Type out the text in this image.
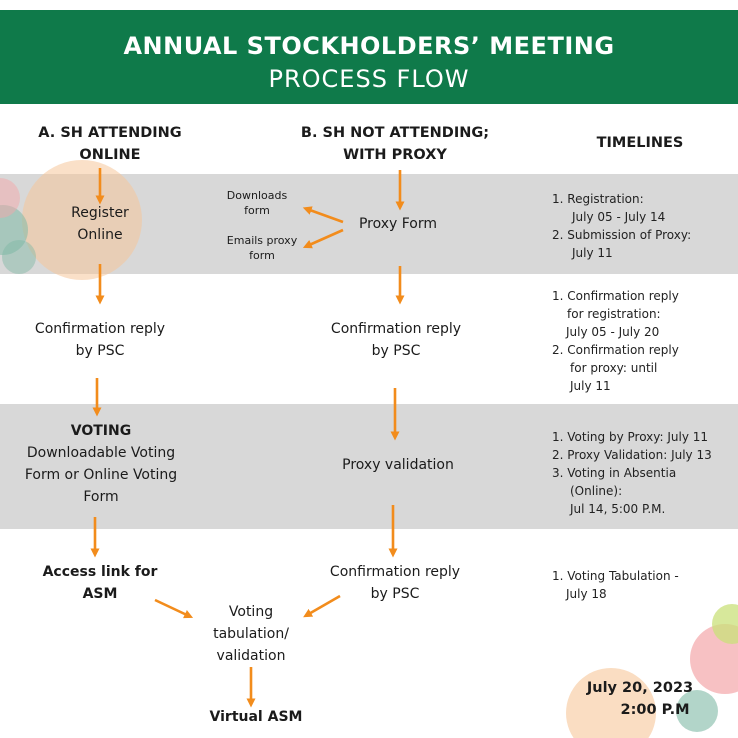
ANNUAL STOCKHOLDERS’ MEETING
PROCESS FLOW
A. SH ATTENDING
ONLINE
B. SH NOT ATTENDING;
WITH PROXY
TIMELINES
Register
Online
Confirmation reply
by PSC
VOTING
Downloadable Voting
Form or Online Voting
Form
Access link for
ASM
Downloads
form
Emails proxy
form
Proxy Form
Confirmation reply
by PSC
Proxy validation
Confirmation reply
by PSC
Voting
tabulation/
validation
Virtual ASM
1. Registration:
July 05 - July 14
2. Submission of Proxy:
July 11
1. Confirmation reply
for registration:
July 05 - July 20
2. Confirmation reply
for proxy: until
July 11
1. Voting by Proxy: July 11
2. Proxy Validation: July 13
3. Voting in Absentia
(Online):
Jul 14, 5:00 P.M.
1. Voting Tabulation -
July 18
July 20, 2023
2:00 P.M
